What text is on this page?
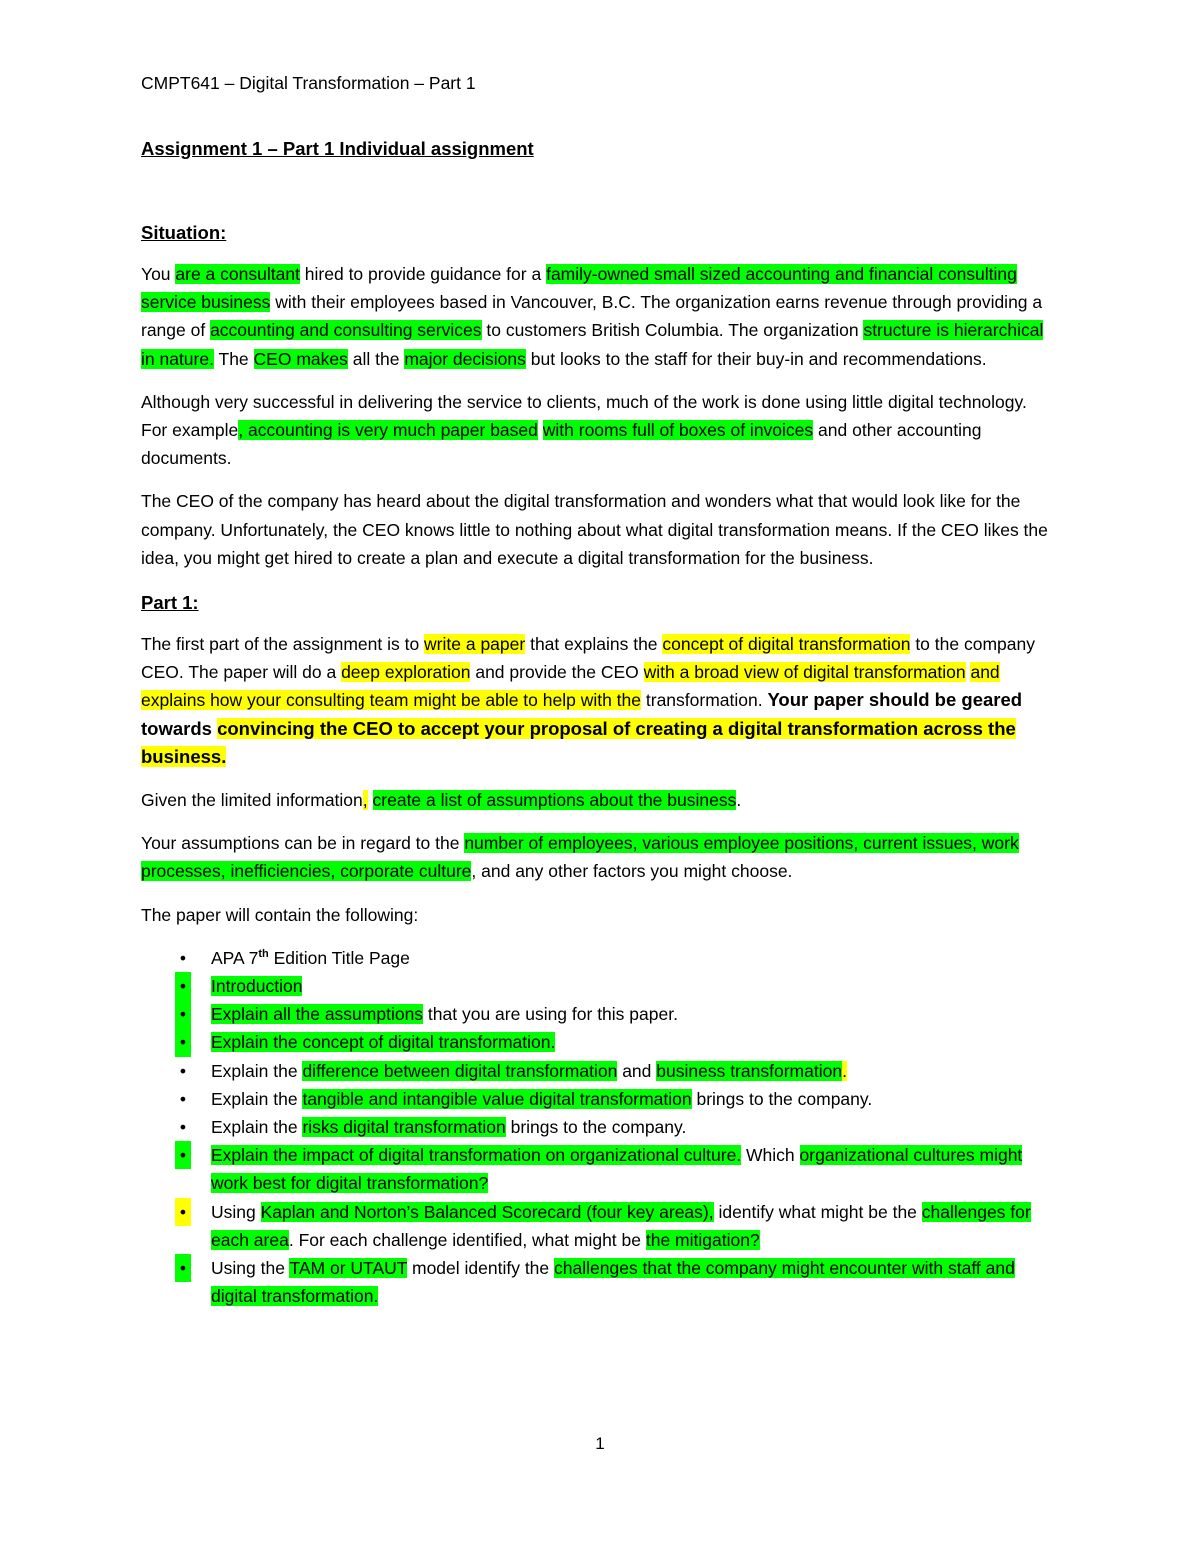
CMPT641 – Digital Transformation – Part 1
Assignment 1 – Part 1 Individual assignment
Situation:

You are a consultant hired to provide guidance for a family-owned small sized accounting and financial consulting service business with their employees based in Vancouver, B.C. The organization earns revenue through providing a range of accounting and consulting services to customers British Columbia. The organization structure is hierarchical in nature. The CEO makes all the major decisions but looks to the staff for their buy-in and recommendations.

Although very successful in delivering the service to clients, much of the work is done using little digital technology. For example, accounting is very much paper based with rooms full of boxes of invoices and other accounting documents.

The CEO of the company has heard about the digital transformation and wonders what that would look like for the company. Unfortunately, the CEO knows little to nothing about what digital transformation means. If the CEO likes the idea, you might get hired to create a plan and execute a digital transformation for the business.

Part 1:

The first part of the assignment is to write a paper that explains the concept of digital transformation to the company CEO. The paper will do a deep exploration and provide the CEO with a broad view of digital transformation and explains how your consulting team might be able to help with the transformation. Your paper should be geared towards convincing the CEO to accept your proposal of creating a digital transformation across the business.

Given the limited information, create a list of assumptions about the business.

Your assumptions can be in regard to the number of employees, various employee positions, current issues, work processes, inefficiencies, corporate culture, and any other factors you might choose.

The paper will contain the following:

• APA 7th Edition Title Page
• Introduction
• Explain all the assumptions that you are using for this paper.
• Explain the concept of digital transformation.
• Explain the difference between digital transformation and business transformation.
• Explain the tangible and intangible value digital transformation brings to the company.
• Explain the risks digital transformation brings to the company.
• Explain the impact of digital transformation on organizational culture. Which organizational cultures might work best for digital transformation?
• Using Kaplan and Norton’s Balanced Scorecard (four key areas), identify what might be the challenges for each area. For each challenge identified, what might be the mitigation?
• Using the TAM or UTAUT model identify the challenges that the company might encounter with staff and digital transformation.
1
